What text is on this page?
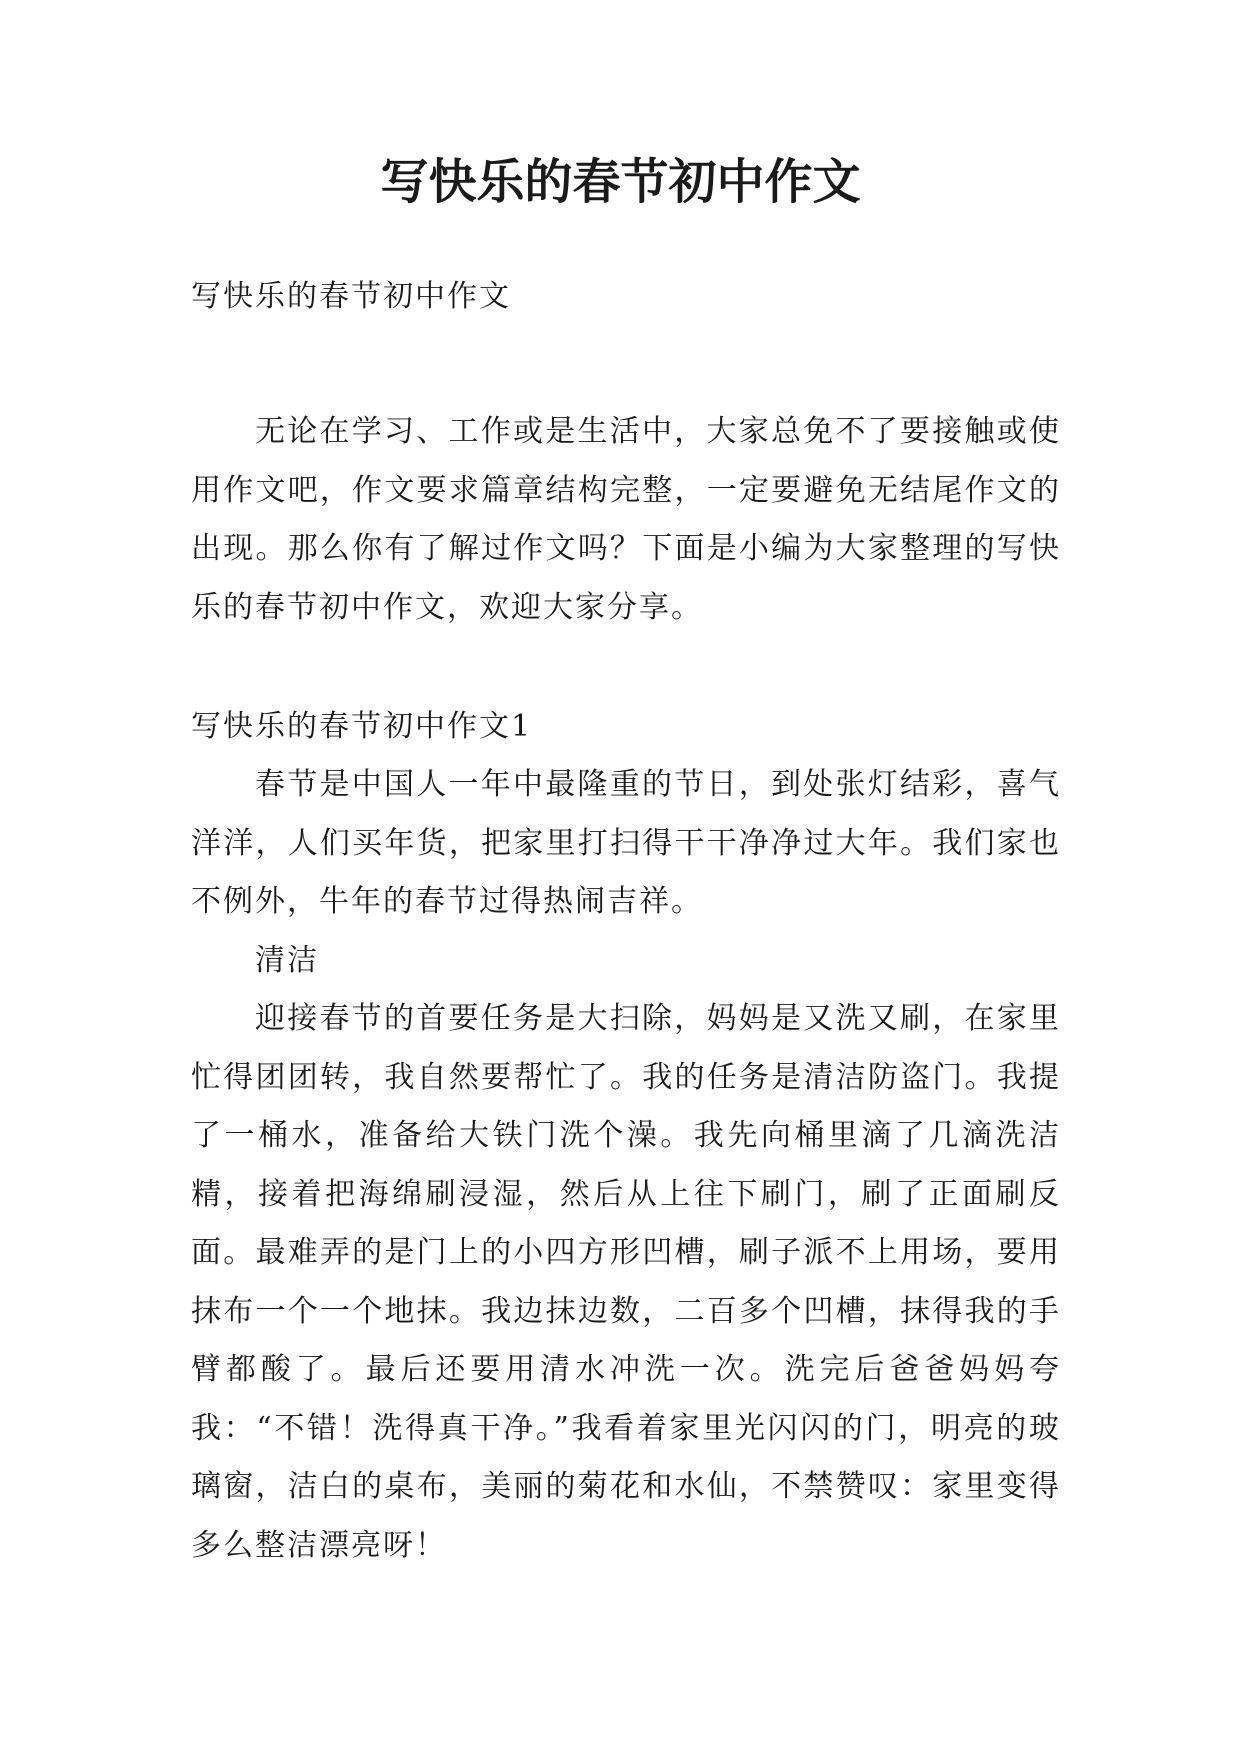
写快乐的春节初中作文

写快乐的春节初中作文

无论在学习、工作或是生活中，大家总免不了要接触或使用作文吧，作文要求篇章结构完整，一定要避免无结尾作文的出现。那么你有了解过作文吗？下面是小编为大家整理的写快乐的春节初中作文，欢迎大家分享。

写快乐的春节初中作文1

春节是中国人一年中最隆重的节日，到处张灯结彩，喜气洋洋，人们买年货，把家里打扫得干干净净过大年。我们家也不例外，牛年的春节过得热闹吉祥。

清洁

迎接春节的首要任务是大扫除，妈妈是又洗又刷，在家里忙得团团转，我自然要帮忙了。我的任务是清洁防盗门。我提了一桶水，准备给大铁门洗个澡。我先向桶里滴了几滴洗洁精，接着把海绵刷浸湿，然后从上往下刷门，刷了正面刷反面。最难弄的是门上的小四方形凹槽，刷子派不上用场，要用抹布一个一个地抹。我边抹边数，二百多个凹槽，抹得我的手臂都酸了。最后还要用清水冲洗一次。洗完后爸爸妈妈夸我：“不错！洗得真干净。”我看着家里光闪闪的门，明亮的玻璃窗，洁白的桌布，美丽的菊花和水仙，不禁赞叹：家里变得多么整洁漂亮呀！
